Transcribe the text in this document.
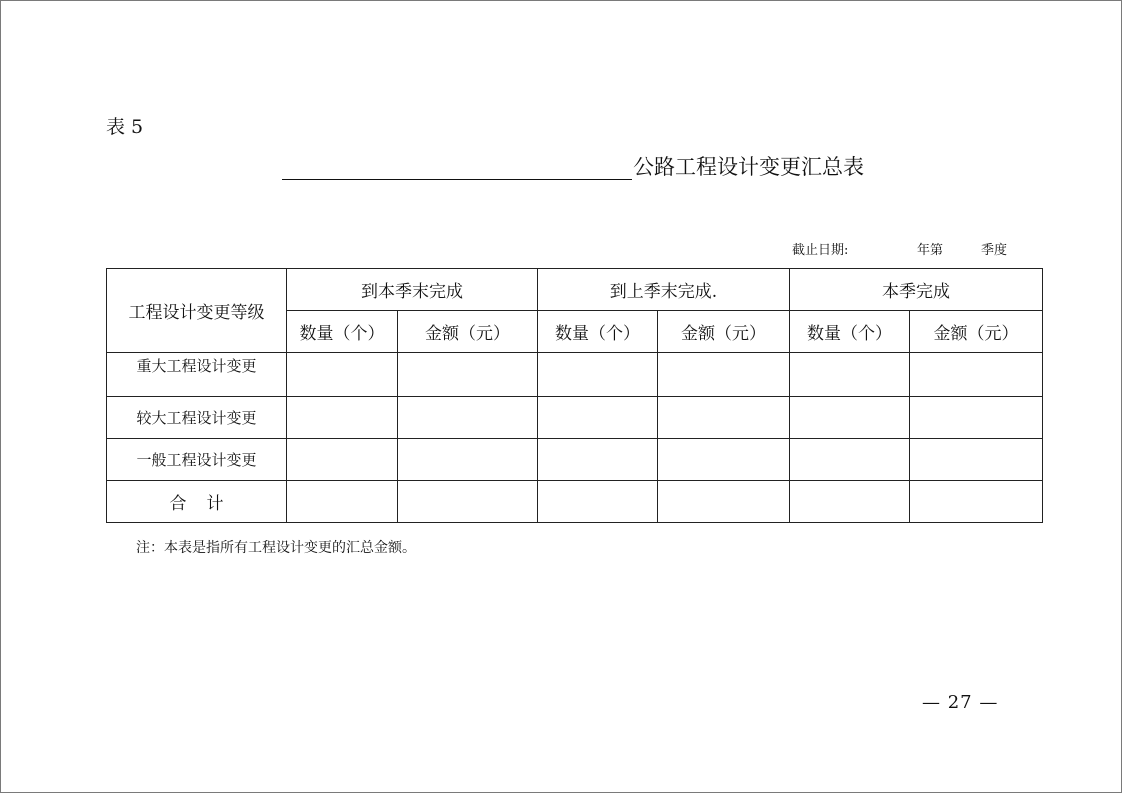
表 5
公路工程设计变更汇总表
截止日期:	年第	季度
工程设计变更等级	到本季末完成		到上季末完成.		本季完成	
	数量（个）	金额（元）	数量（个）	金额（元）	数量（个）	金额（元）
重大工程设计变更						
较大工程设计变更						
一般工程设计变更						
合计						
注：本表是指所有工程设计变更的汇总金额。
— 27 —
